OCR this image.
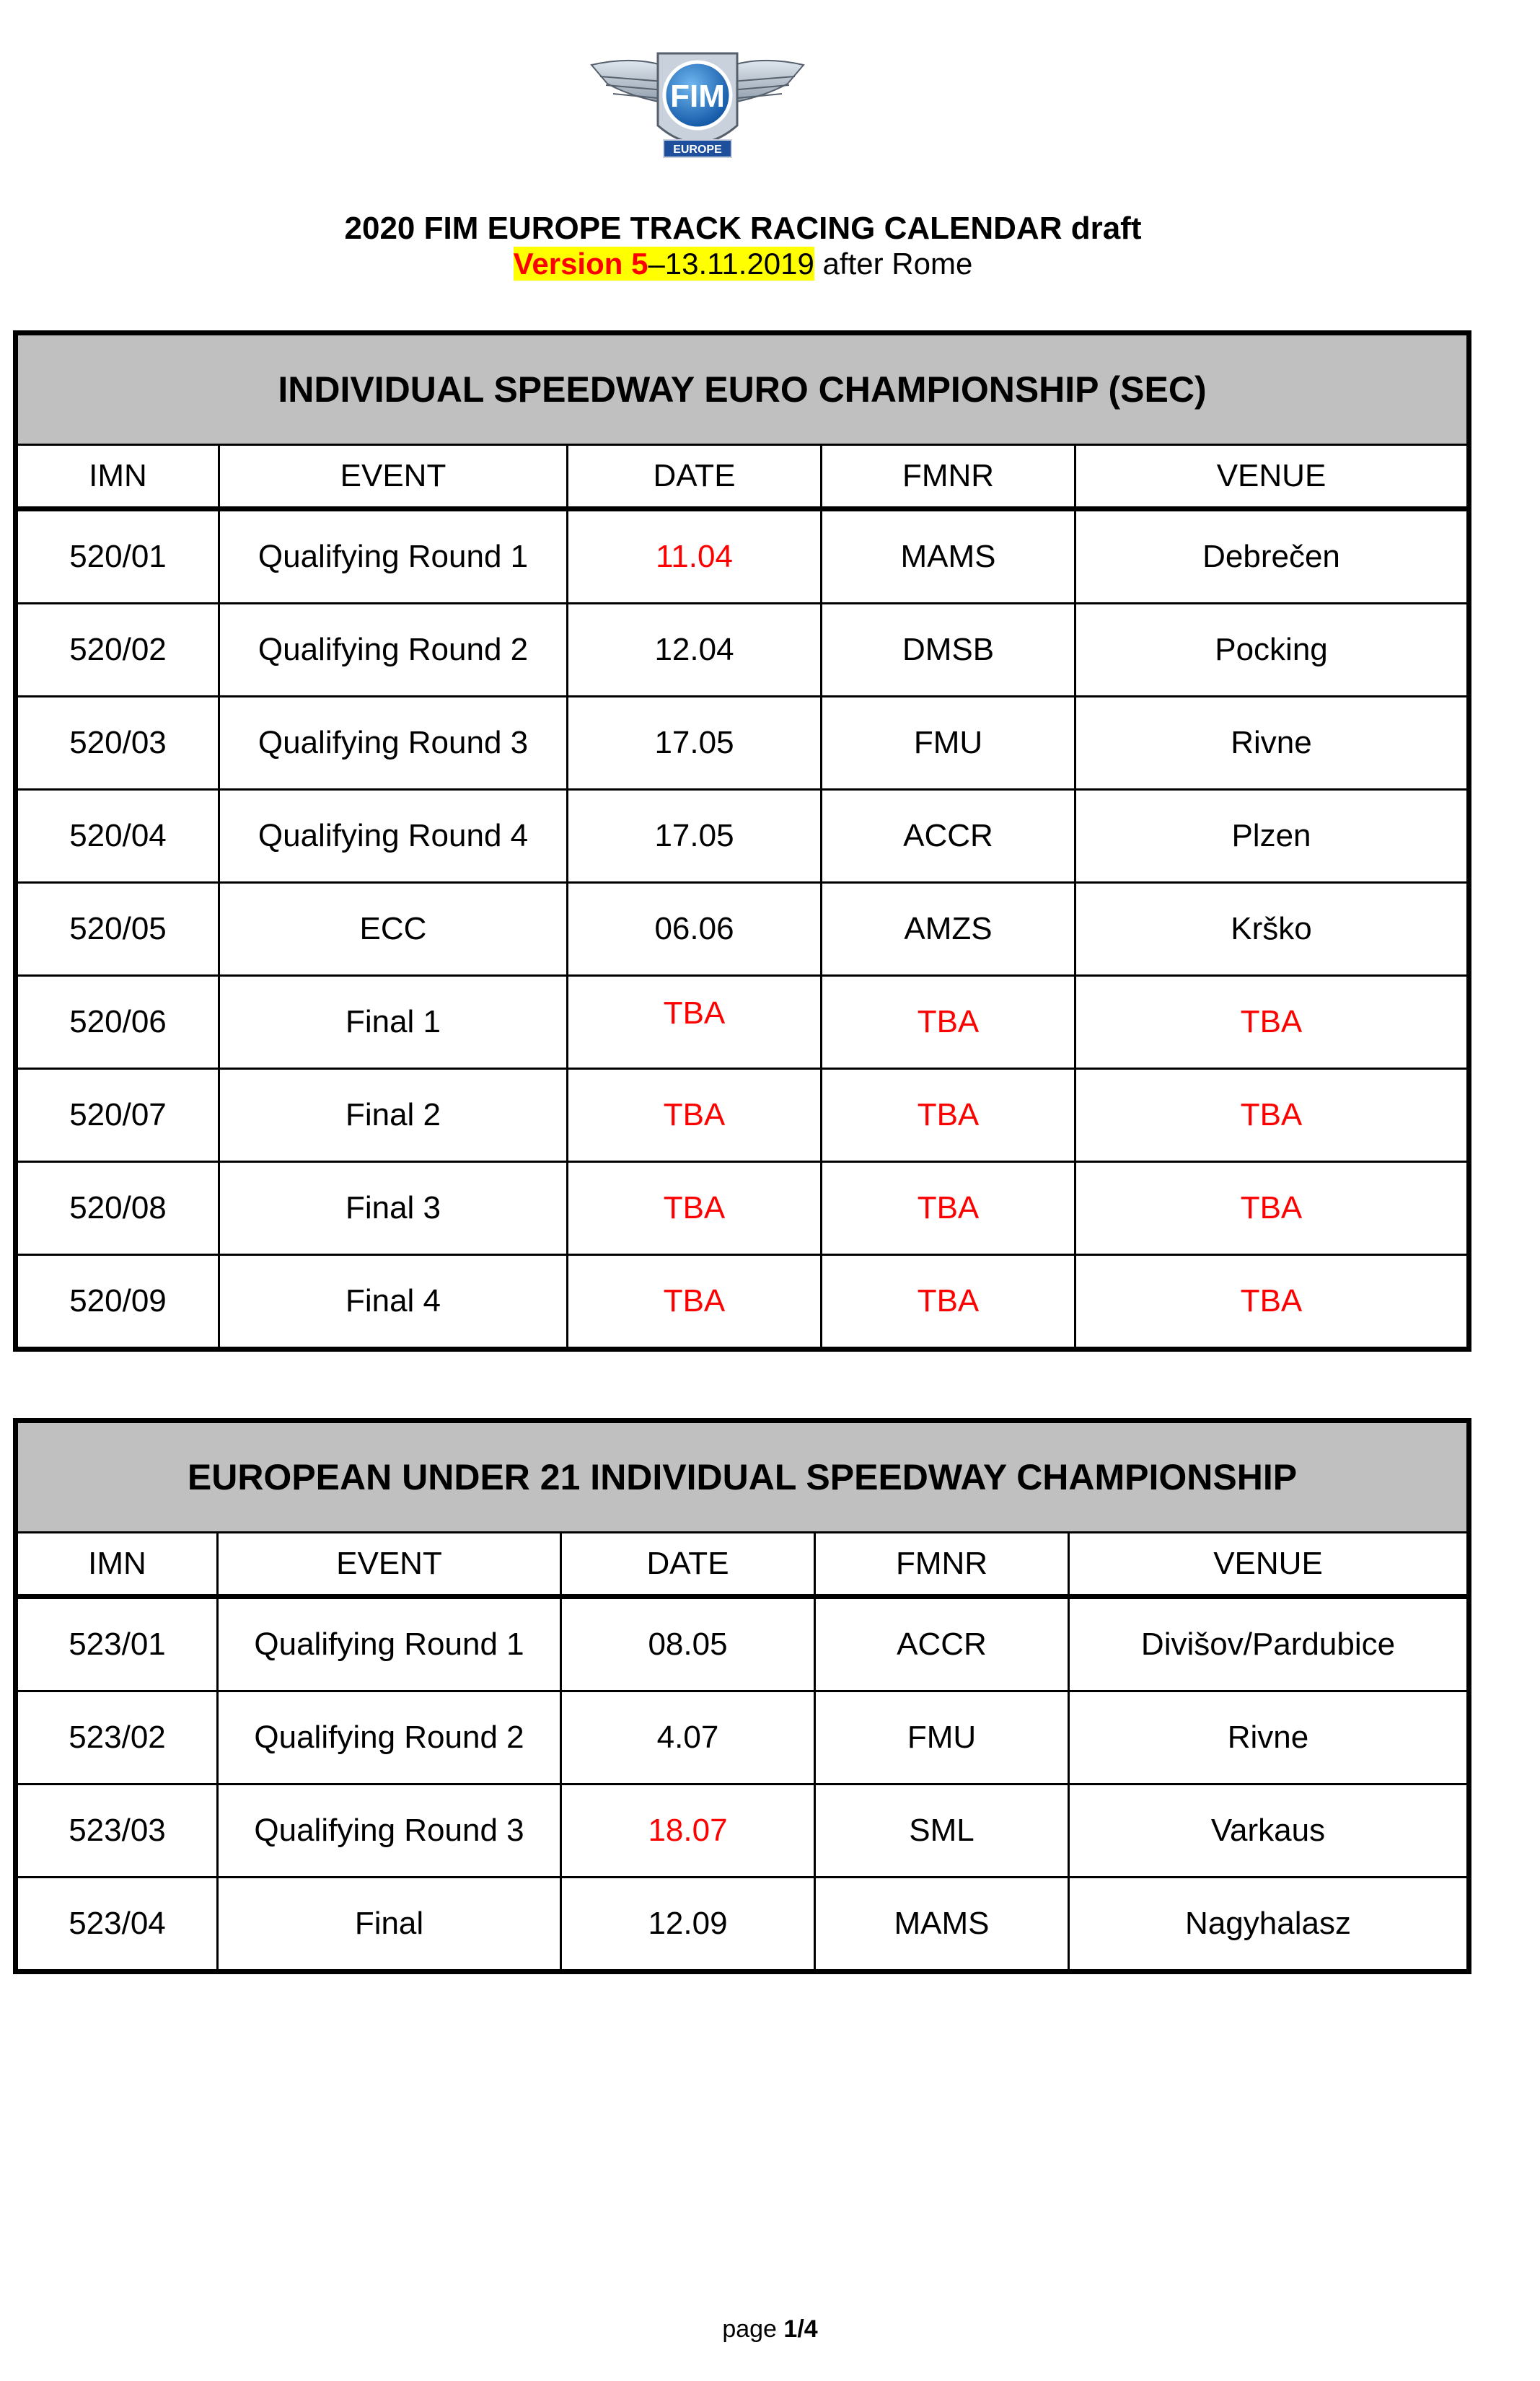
FIM
EUROPE
2020 FIM EUROPE TRACK RACING CALENDAR draft
Version 5–13.11.2019 after Rome
INDIVIDUAL SPEEDWAY EURO CHAMPIONSHIP (SEC)				
IMN	EVENT	DATE	FMNR	VENUE
520/01	Qualifying Round 1	11.04	MAMS	Debrečen
520/02	Qualifying Round 2	12.04	DMSB	Pocking
520/03	Qualifying Round 3	17.05	FMU	Rivne
520/04	Qualifying Round 4	17.05	ACCR	Plzen
520/05	ECC	06.06	AMZS	Krško
520/06	Final 1	TBA	TBA	TBA
520/07	Final 2	TBA	TBA	TBA
520/08	Final 3	TBA	TBA	TBA
520/09	Final 4	TBA	TBA	TBA
EUROPEAN UNDER 21 INDIVIDUAL SPEEDWAY CHAMPIONSHIP				
IMN	EVENT	DATE	FMNR	VENUE
523/01	Qualifying Round 1	08.05	ACCR	Divišov/Pardubice
523/02	Qualifying Round 2	4.07	FMU	Rivne
523/03	Qualifying Round 3	18.07	SML	Varkaus
523/04	Final	12.09	MAMS	Nagyhalasz
page 1/4
